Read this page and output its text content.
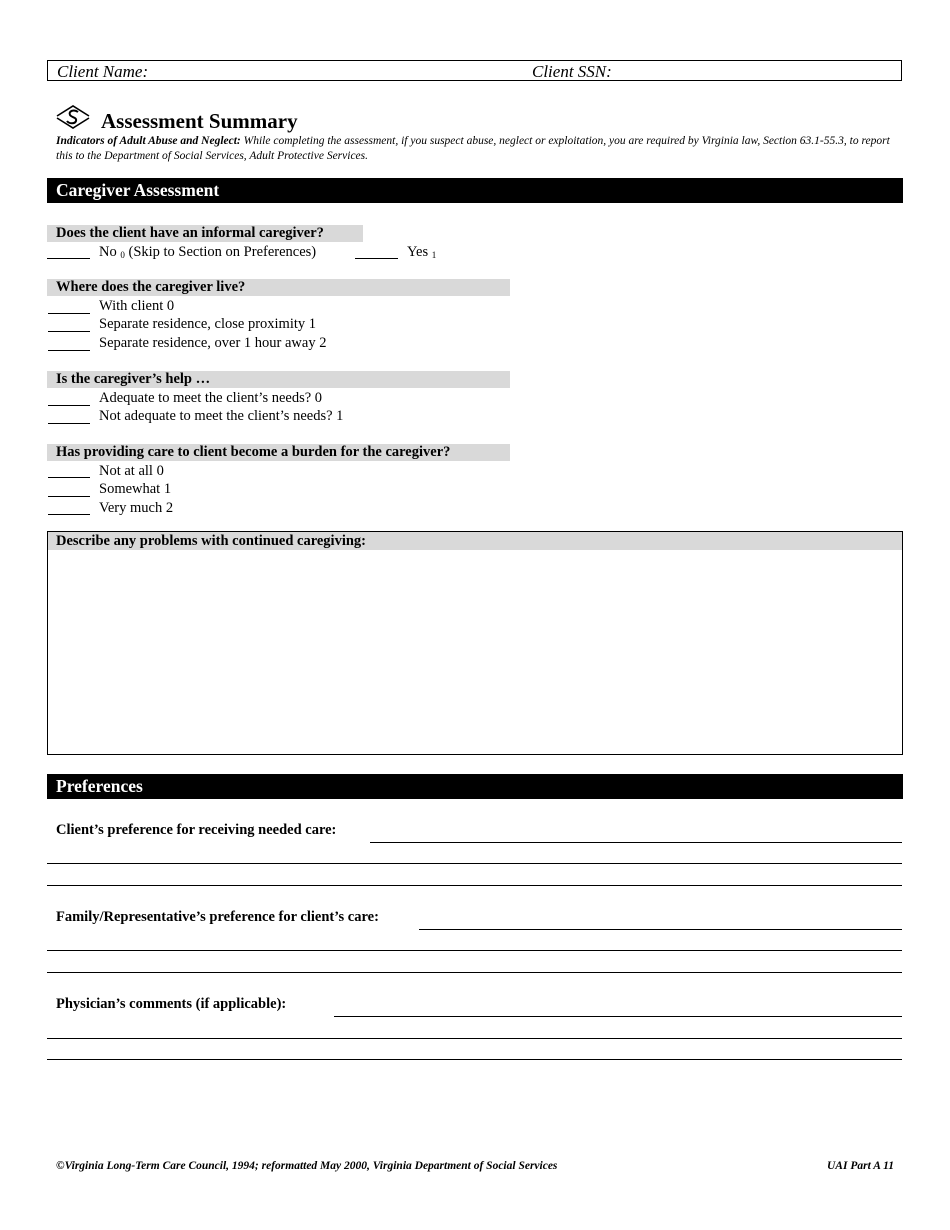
Client Name:	Client SSN:
Assessment Summary
Indicators of Adult Abuse and Neglect: While completing the assessment, if you suspect abuse, neglect or exploitation, you are required by Virginia law, Section 63.1-55.3, to report this to the Department of Social Services, Adult Protective Services.
Caregiver Assessment
Does the client have an informal caregiver?
No $_0$ (Skip to Section on Preferences)	Yes $_1$
Where does the caregiver live?
With client 0
Separate residence, close proximity 1
Separate residence, over 1 hour away 2
Is the caregiver’s help …
Adequate to meet the client’s needs? 0
Not adequate to meet the client’s needs? 1
Has providing care to client become a burden for the caregiver?
Not at all 0
Somewhat 1
Very much 2
Describe any problems with continued caregiving:
Preferences
Client’s preference for receiving needed care:
Family/Representative’s preference for client’s care:
Physician’s comments (if applicable):
©Virginia Long-Term Care Council, 1994; reformatted May 2000, Virginia Department of Social Services	UAI Part A 11
